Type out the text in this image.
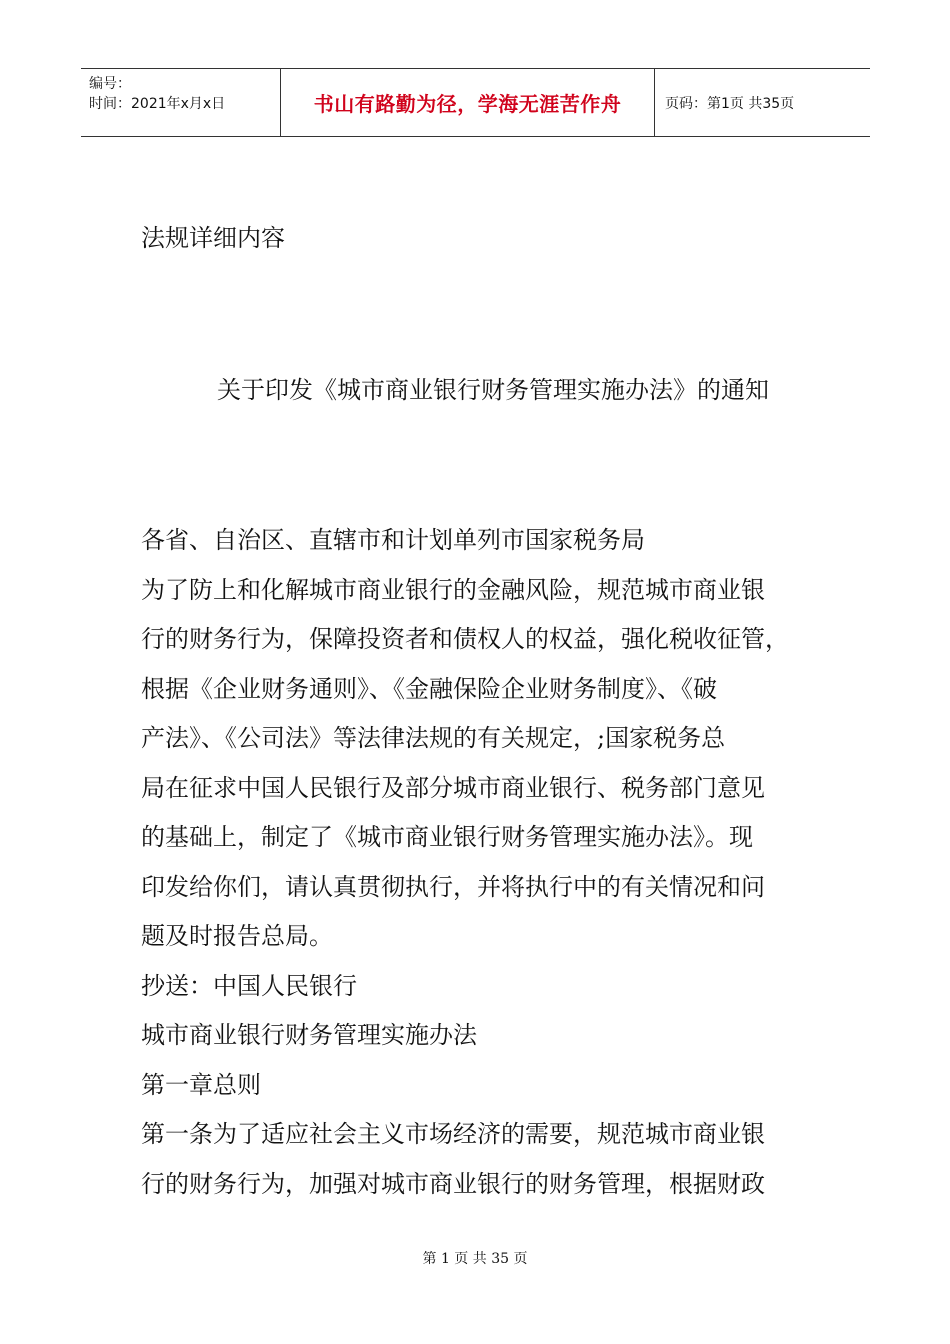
编号：
时间：2021年x月x日	书山有路勤为径，学海无涯苦作舟	页码：第1页 共35页
法规详细内容
关于印发《城市商业银行财务管理实施办法》的通知
各省、自治区、直辖市和计划单列市国家税务局
为了防上和化解城市商业银行的金融风险，规范城市商业银
行的财务行为，保障投资者和债权人的权益，强化税收征管，
根据《企业财务通则》、《金融保险企业财务制度》、《破
产法》、《公司法》等法律法规的有关规定，;国家税务总
局在征求中国人民银行及部分城市商业银行、税务部门意见
的基础上，制定了《城市商业银行财务管理实施办法》。现
印发给你们，请认真贯彻执行，并将执行中的有关情况和问
题及时报告总局。
抄送：中国人民银行
城市商业银行财务管理实施办法
第一章总则
第一条为了适应社会主义市场经济的需要，规范城市商业银
行的财务行为，加强对城市商业银行的财务管理，根据财政
第 1 页 共 35 页
